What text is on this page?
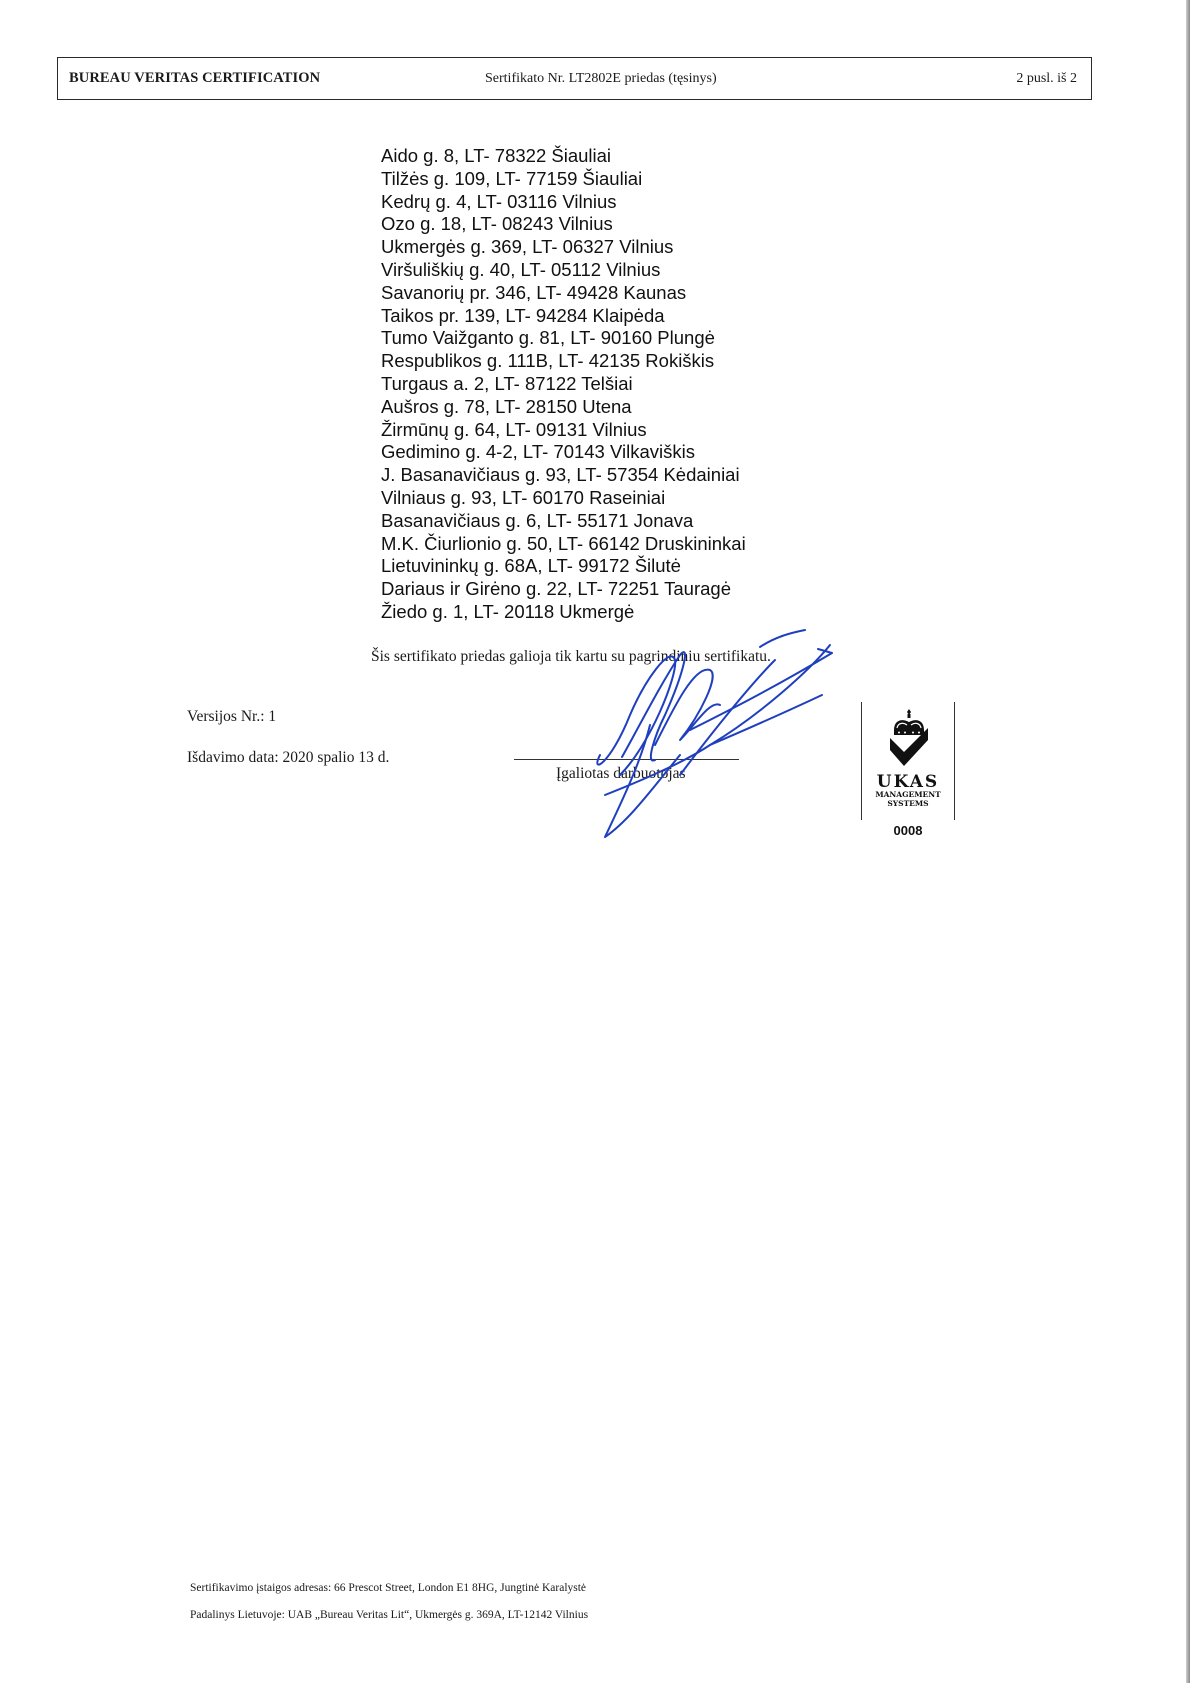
BUREAU VERITAS CERTIFICATION	Sertifikato Nr. LT2802E priedas (tęsinys)	2 pusl. iš 2
Aido g. 8, LT- 78322 Šiauliai
Tilžės g. 109, LT- 77159 Šiauliai
Kedrų g. 4, LT- 03116 Vilnius
Ozo g. 18, LT- 08243 Vilnius
Ukmergės g. 369, LT- 06327 Vilnius
Viršuliškių g. 40, LT- 05112 Vilnius
Savanorių pr. 346, LT- 49428 Kaunas
Taikos pr. 139, LT- 94284 Klaipėda
Tumo Vaižganto g. 81, LT- 90160 Plungė
Respublikos g. 111B, LT- 42135 Rokiškis
Turgaus a. 2, LT- 87122 Telšiai
Aušros g. 78, LT- 28150 Utena
Žirmūnų g. 64, LT- 09131 Vilnius
Gedimino g. 4-2, LT- 70143 Vilkaviškis
J. Basanavičiaus g. 93, LT- 57354 Kėdainiai
Vilniaus g. 93, LT- 60170 Raseiniai
Basanavičiaus g. 6, LT- 55171 Jonava
M.K. Čiurlionio g. 50, LT- 66142 Druskininkai
Lietuvininkų g. 68A, LT- 99172 Šilutė
Dariaus ir Girėno g. 22, LT- 72251 Tauragė
Žiedo g. 1, LT- 20118 Ukmergė
Šis sertifikato priedas galioja tik kartu su pagrindiniu sertifikatu.
Versijos Nr.: 1
Išdavimo data: 2020 spalio 13 d.
Įgaliotas darbuotojas	UKAS
MANAGEMENT
SYSTEMS
0008
Sertifikavimo įstaigos adresas: 66 Prescot Street, London E1 8HG, Jungtinė Karalystė
Padalinys Lietuvoje: UAB „Bureau Veritas Lit“, Ukmergės g. 369A, LT-12142 Vilnius
